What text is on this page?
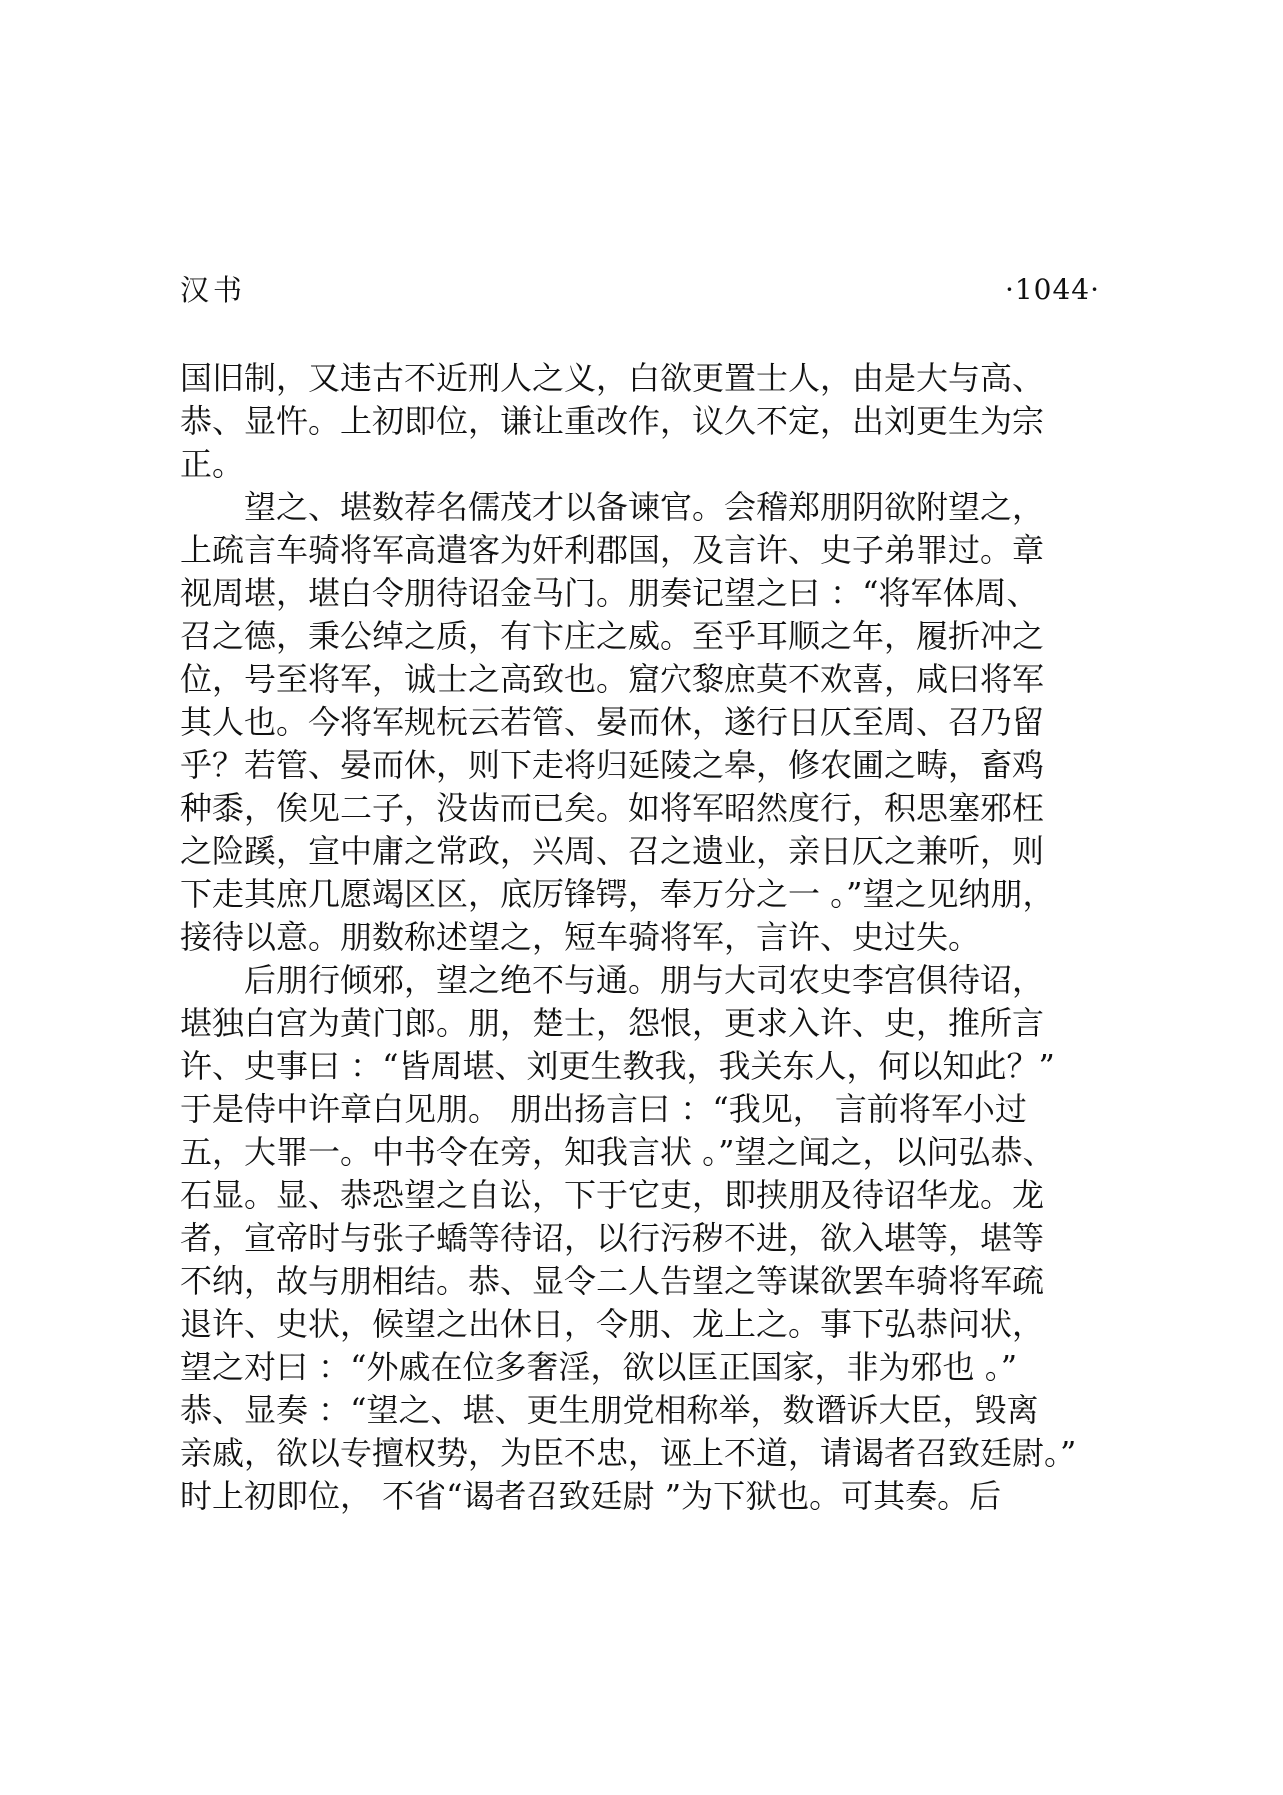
汉书	·1044·
国旧制，又违古不近刑人之义，白欲更置士人，由是大与高、
恭、显忤。上初即位，谦让重改作，议久不定，出刘更生为宗
正。
望之、堪数荐名儒茂才以备谏官。会稽郑朋阴欲附望之，
上疏言车骑将军高遣客为奸利郡国，及言许、史子弟罪过。章
视周堪，堪白令朋待诏金马门。朋奏记望之曰 ：“将军体周、
召之德，秉公绰之质，有卞庄之威。至乎耳顺之年，履折冲之
位，号至将军，诚士之高致也。窟穴黎庶莫不欢喜，咸曰将军
其人也。今将军规杬云若管、晏而休，遂行日仄至周、召乃留
乎？若管、晏而休，则下走将归延陵之皋，修农圃之畴，畜鸡
种黍，俟见二子，没齿而已矣。如将军昭然度行，积思塞邪枉
之险蹊，宣中庸之常政，兴周、召之遗业，亲日仄之兼听，则
下走其庶几愿竭区区，底厉锋锷，奉万分之一 。”望之见纳朋，
接待以意。朋数称述望之，短车骑将军，言许、史过失。
后朋行倾邪，望之绝不与通。朋与大司农史李宫俱待诏，
堪独白宫为黄门郎。朋，楚士，怨恨，更求入许、史，推所言
许、史事曰 ：“皆周堪、刘更生教我，我关东人，何以知此？”
于是侍中许章白见朋。 朋出扬言曰 ：“我见， 言前将军小过
五，大罪一。中书令在旁，知我言状 。”望之闻之，以问弘恭、
石显。显、恭恐望之自讼，下于它吏，即挟朋及待诏华龙。龙
者，宣帝时与张子蟜等待诏，以行污秽不进，欲入堪等，堪等
不纳，故与朋相结。恭、显令二人告望之等谋欲罢车骑将军疏
退许、史状，候望之出休日，令朋、龙上之。事下弘恭问状，
望之对曰 ：“外戚在位多奢淫，欲以匡正国家，非为邪也 。”
恭、显奏 ：“望之、堪、更生朋党相称举，数谮诉大臣，毁离
亲戚，欲以专擅权势，为臣不忠，诬上不道，请谒者召致廷尉。”
时上初即位， 不省“谒者召致廷尉 ”为下狱也。可其奏。后
